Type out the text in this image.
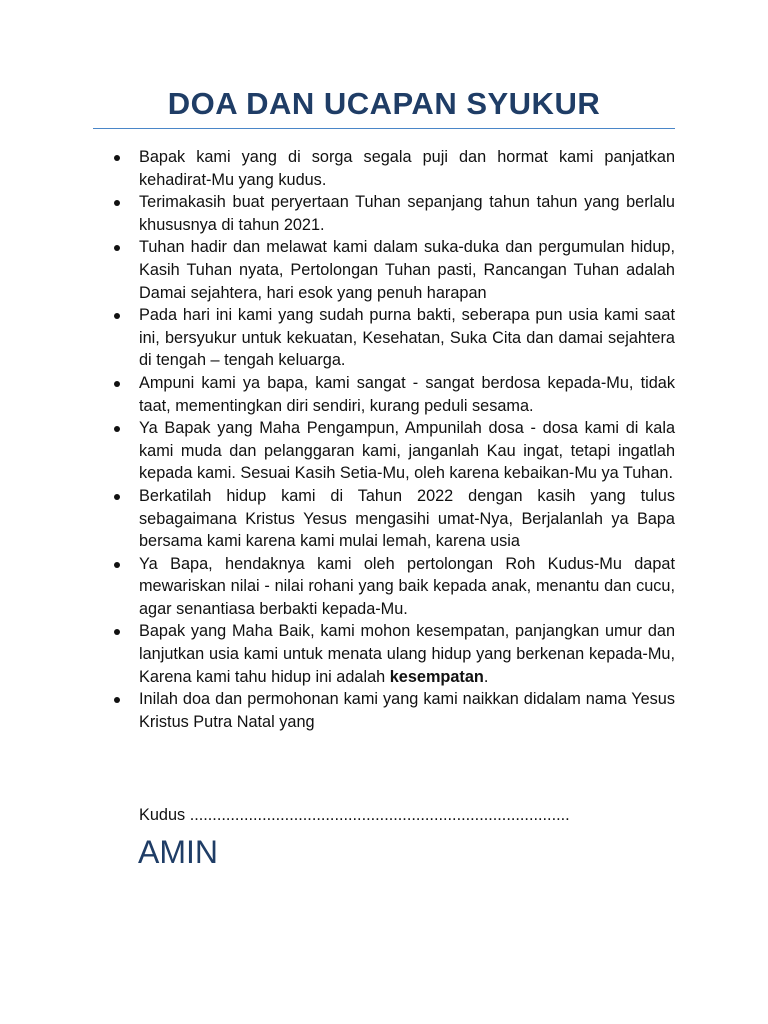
DOA DAN UCAPAN SYUKUR
Bapak kami yang di sorga segala puji dan hormat kami panjatkan kehadirat-Mu yang kudus.
Terimakasih buat peryertaan Tuhan sepanjang tahun tahun yang berlalu khususnya di tahun 2021.
Tuhan hadir dan melawat kami dalam suka-duka dan pergumulan hidup, Kasih Tuhan nyata, Pertolongan Tuhan pasti, Rancangan Tuhan adalah Damai sejahtera, hari esok yang penuh harapan
Pada hari ini kami yang sudah purna bakti, seberapa pun usia kami saat ini, bersyukur untuk kekuatan, Kesehatan, Suka Cita dan damai sejahtera di tengah – tengah keluarga.
Ampuni kami ya bapa, kami sangat - sangat berdosa kepada-Mu, tidak taat, mementingkan diri sendiri, kurang peduli sesama.
Ya Bapak yang Maha Pengampun, Ampunilah dosa - dosa kami di kala kami muda dan pelanggaran kami, janganlah Kau ingat, tetapi ingatlah kepada kami. Sesuai Kasih Setia-Mu, oleh karena kebaikan-Mu ya Tuhan.
Berkatilah hidup kami di Tahun 2022 dengan kasih yang tulus sebagaimana Kristus Yesus mengasihi umat-Nya, Berjalanlah ya Bapa bersama kami karena kami mulai lemah, karena usia
Ya Bapa, hendaknya kami oleh pertolongan Roh Kudus-Mu dapat mewariskan nilai - nilai rohani yang baik kepada anak, menantu dan cucu, agar senantiasa berbakti kepada-Mu.
Bapak yang Maha Baik, kami mohon kesempatan, panjangkan umur dan lanjutkan usia kami untuk menata ulang hidup yang berkenan kepada-Mu, Karena kami tahu hidup ini adalah kesempatan.
Inilah doa dan permohonan kami yang kami naikkan didalam nama Yesus Kristus Putra Natal yang
Kudus ....................................................................................
AMIN
